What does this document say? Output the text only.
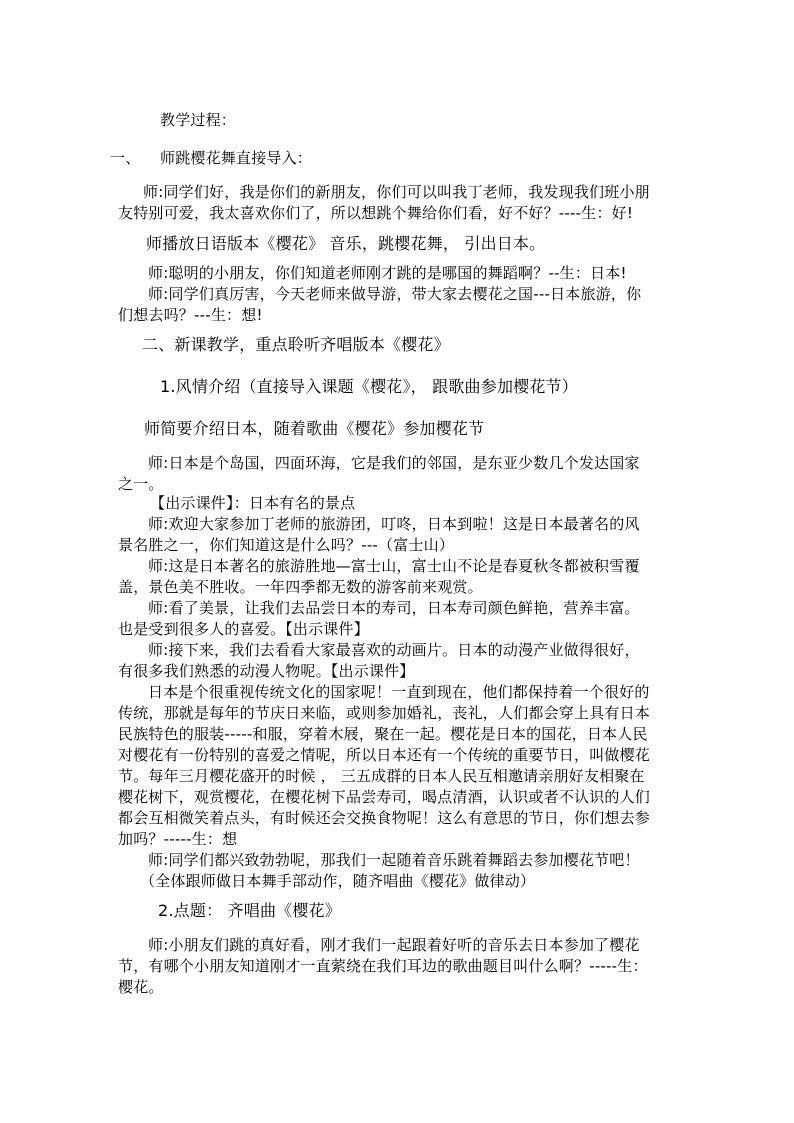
教学过程：
一、 师跳樱花舞直接导入：
师:同学们好，我是你们的新朋友，你们可以叫我丁老师，我发现我们班小朋
友特别可爱，我太喜欢你们了，所以想跳个舞给你们看，好不好？----生：好!
师播放日语版本《樱花》 音乐，跳樱花舞， 引出日本。
师:聪明的小朋友，你们知道老师刚才跳的是哪国的舞蹈啊？--生：日本!
师:同学们真厉害，今天老师来做导游，带大家去樱花之国---日本旅游，你
们想去吗？---生：想!
二、新课教学，重点聆听齐唱版本《樱花》
1.风情介绍（直接导入课题《樱花》， 跟歌曲参加樱花节）
师简要介绍日本，随着歌曲《樱花》参加樱花节
师:日本是个岛国，四面环海，它是我们的邻国，是东亚少数几个发达国家
之一。
【出示课件】：日本有名的景点
师:欢迎大家参加丁老师的旅游团，叮咚，日本到啦！这是日本最著名的风
景名胜之一，你们知道这是什么吗？---（富士山）
师:这是日本著名的旅游胜地—富士山，富士山不论是春夏秋冬都被积雪覆
盖，景色美不胜收。一年四季都无数的游客前来观赏。
师:看了美景，让我们去品尝日本的寿司，日本寿司颜色鲜艳，营养丰富。
也是受到很多人的喜爱。【出示课件】
师:接下来，我们去看看大家最喜欢的动画片。日本的动漫产业做得很好，
有很多我们熟悉的动漫人物呢。【出示课件】
日本是个很重视传统文化的国家呢！一直到现在，他们都保持着一个很好的
传统，那就是每年的节庆日来临，或则参加婚礼，丧礼，人们都会穿上具有日本
民族特色的服装-----和服，穿着木屐，聚在一起。樱花是日本的国花，日本人民
对樱花有一份特别的喜爱之情呢，所以日本还有一个传统的重要节日，叫做樱花
节。每年三月樱花盛开的时候 ， 三五成群的日本人民互相邀请亲朋好友相聚在
樱花树下，观赏樱花，在樱花树下品尝寿司，喝点清酒，认识或者不认识的人们
都会互相微笑着点头，有时候还会交换食物呢！这么有意思的节日，你们想去参
加吗？-----生：想
师:同学们都兴致勃勃呢，那我们一起随着音乐跳着舞蹈去参加樱花节吧！
（全体跟师做日本舞手部动作，随齐唱曲《樱花》做律动）
2.点题： 齐唱曲《樱花》
师:小朋友们跳的真好看，刚才我们一起跟着好听的音乐去日本参加了樱花
节，有哪个小朋友知道刚才一直萦绕在我们耳边的歌曲题目叫什么啊？-----生：
樱花。
